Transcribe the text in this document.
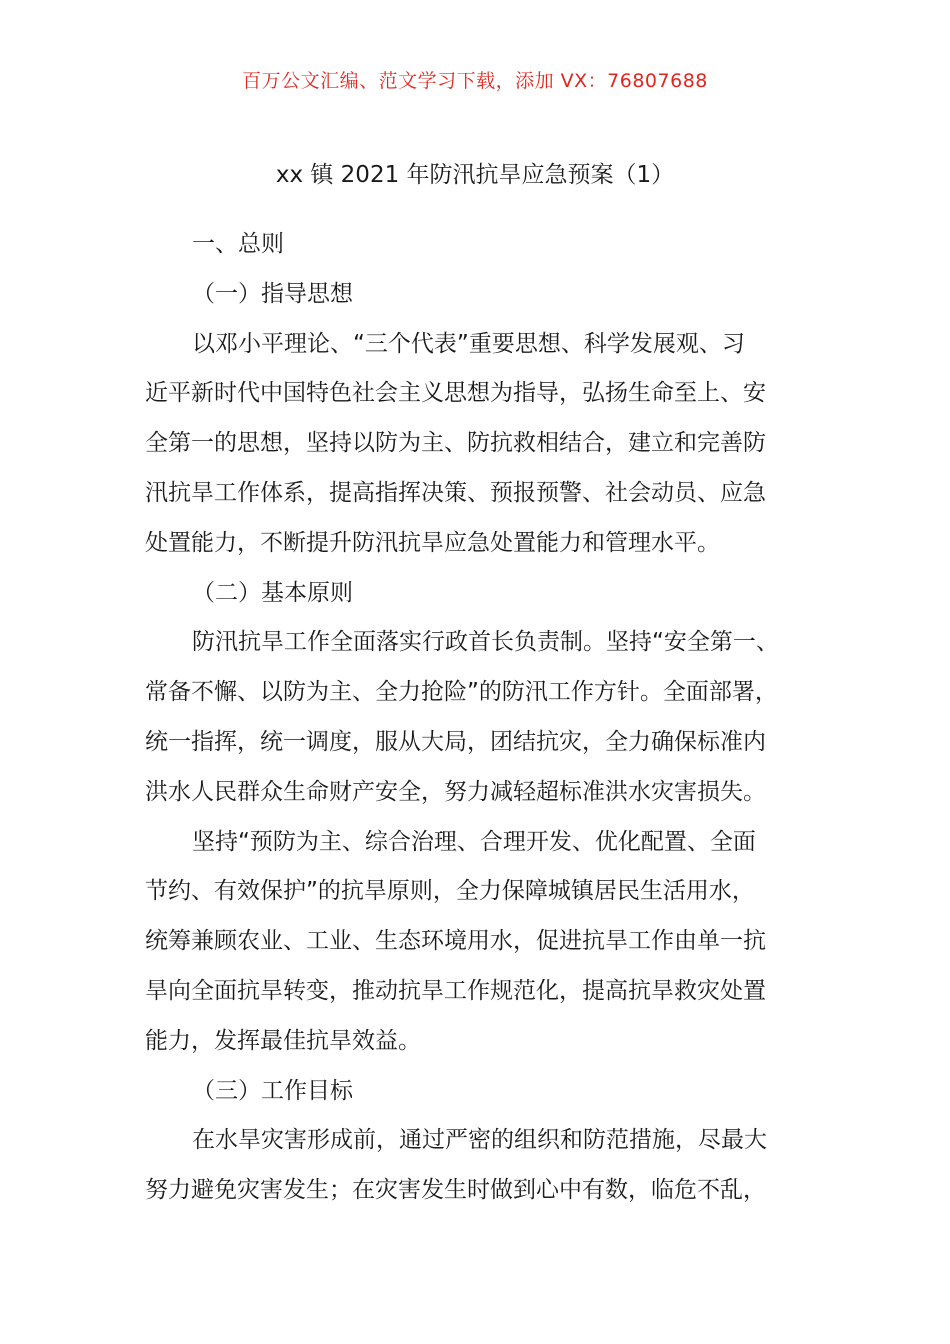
百万公文汇编、范文学习下载，添加 VX：76807688
xx 镇 2021 年防汛抗旱应急预案（1）
一、总则
（一）指导思想
以邓小平理论、“三个代表”重要思想、科学发展观、习
近平新时代中国特色社会主义思想为指导，弘扬生命至上、安
全第一的思想，坚持以防为主、防抗救相结合，建立和完善防
汛抗旱工作体系，提高指挥决策、预报预警、社会动员、应急
处置能力，不断提升防汛抗旱应急处置能力和管理水平。
（二）基本原则
防汛抗旱工作全面落实行政首长负责制。坚持“安全第一、
常备不懈、以防为主、全力抢险”的防汛工作方针。全面部署，
统一指挥，统一调度，服从大局，团结抗灾，全力确保标准内
洪水人民群众生命财产安全，努力减轻超标准洪水灾害损失。
坚持“预防为主、综合治理、合理开发、优化配置、全面
节约、有效保护”的抗旱原则，全力保障城镇居民生活用水，
统筹兼顾农业、工业、生态环境用水，促进抗旱工作由单一抗
旱向全面抗旱转变，推动抗旱工作规范化，提高抗旱救灾处置
能力，发挥最佳抗旱效益。
（三）工作目标
在水旱灾害形成前，通过严密的组织和防范措施，尽最大
努力避免灾害发生；在灾害发生时做到心中有数，临危不乱，
